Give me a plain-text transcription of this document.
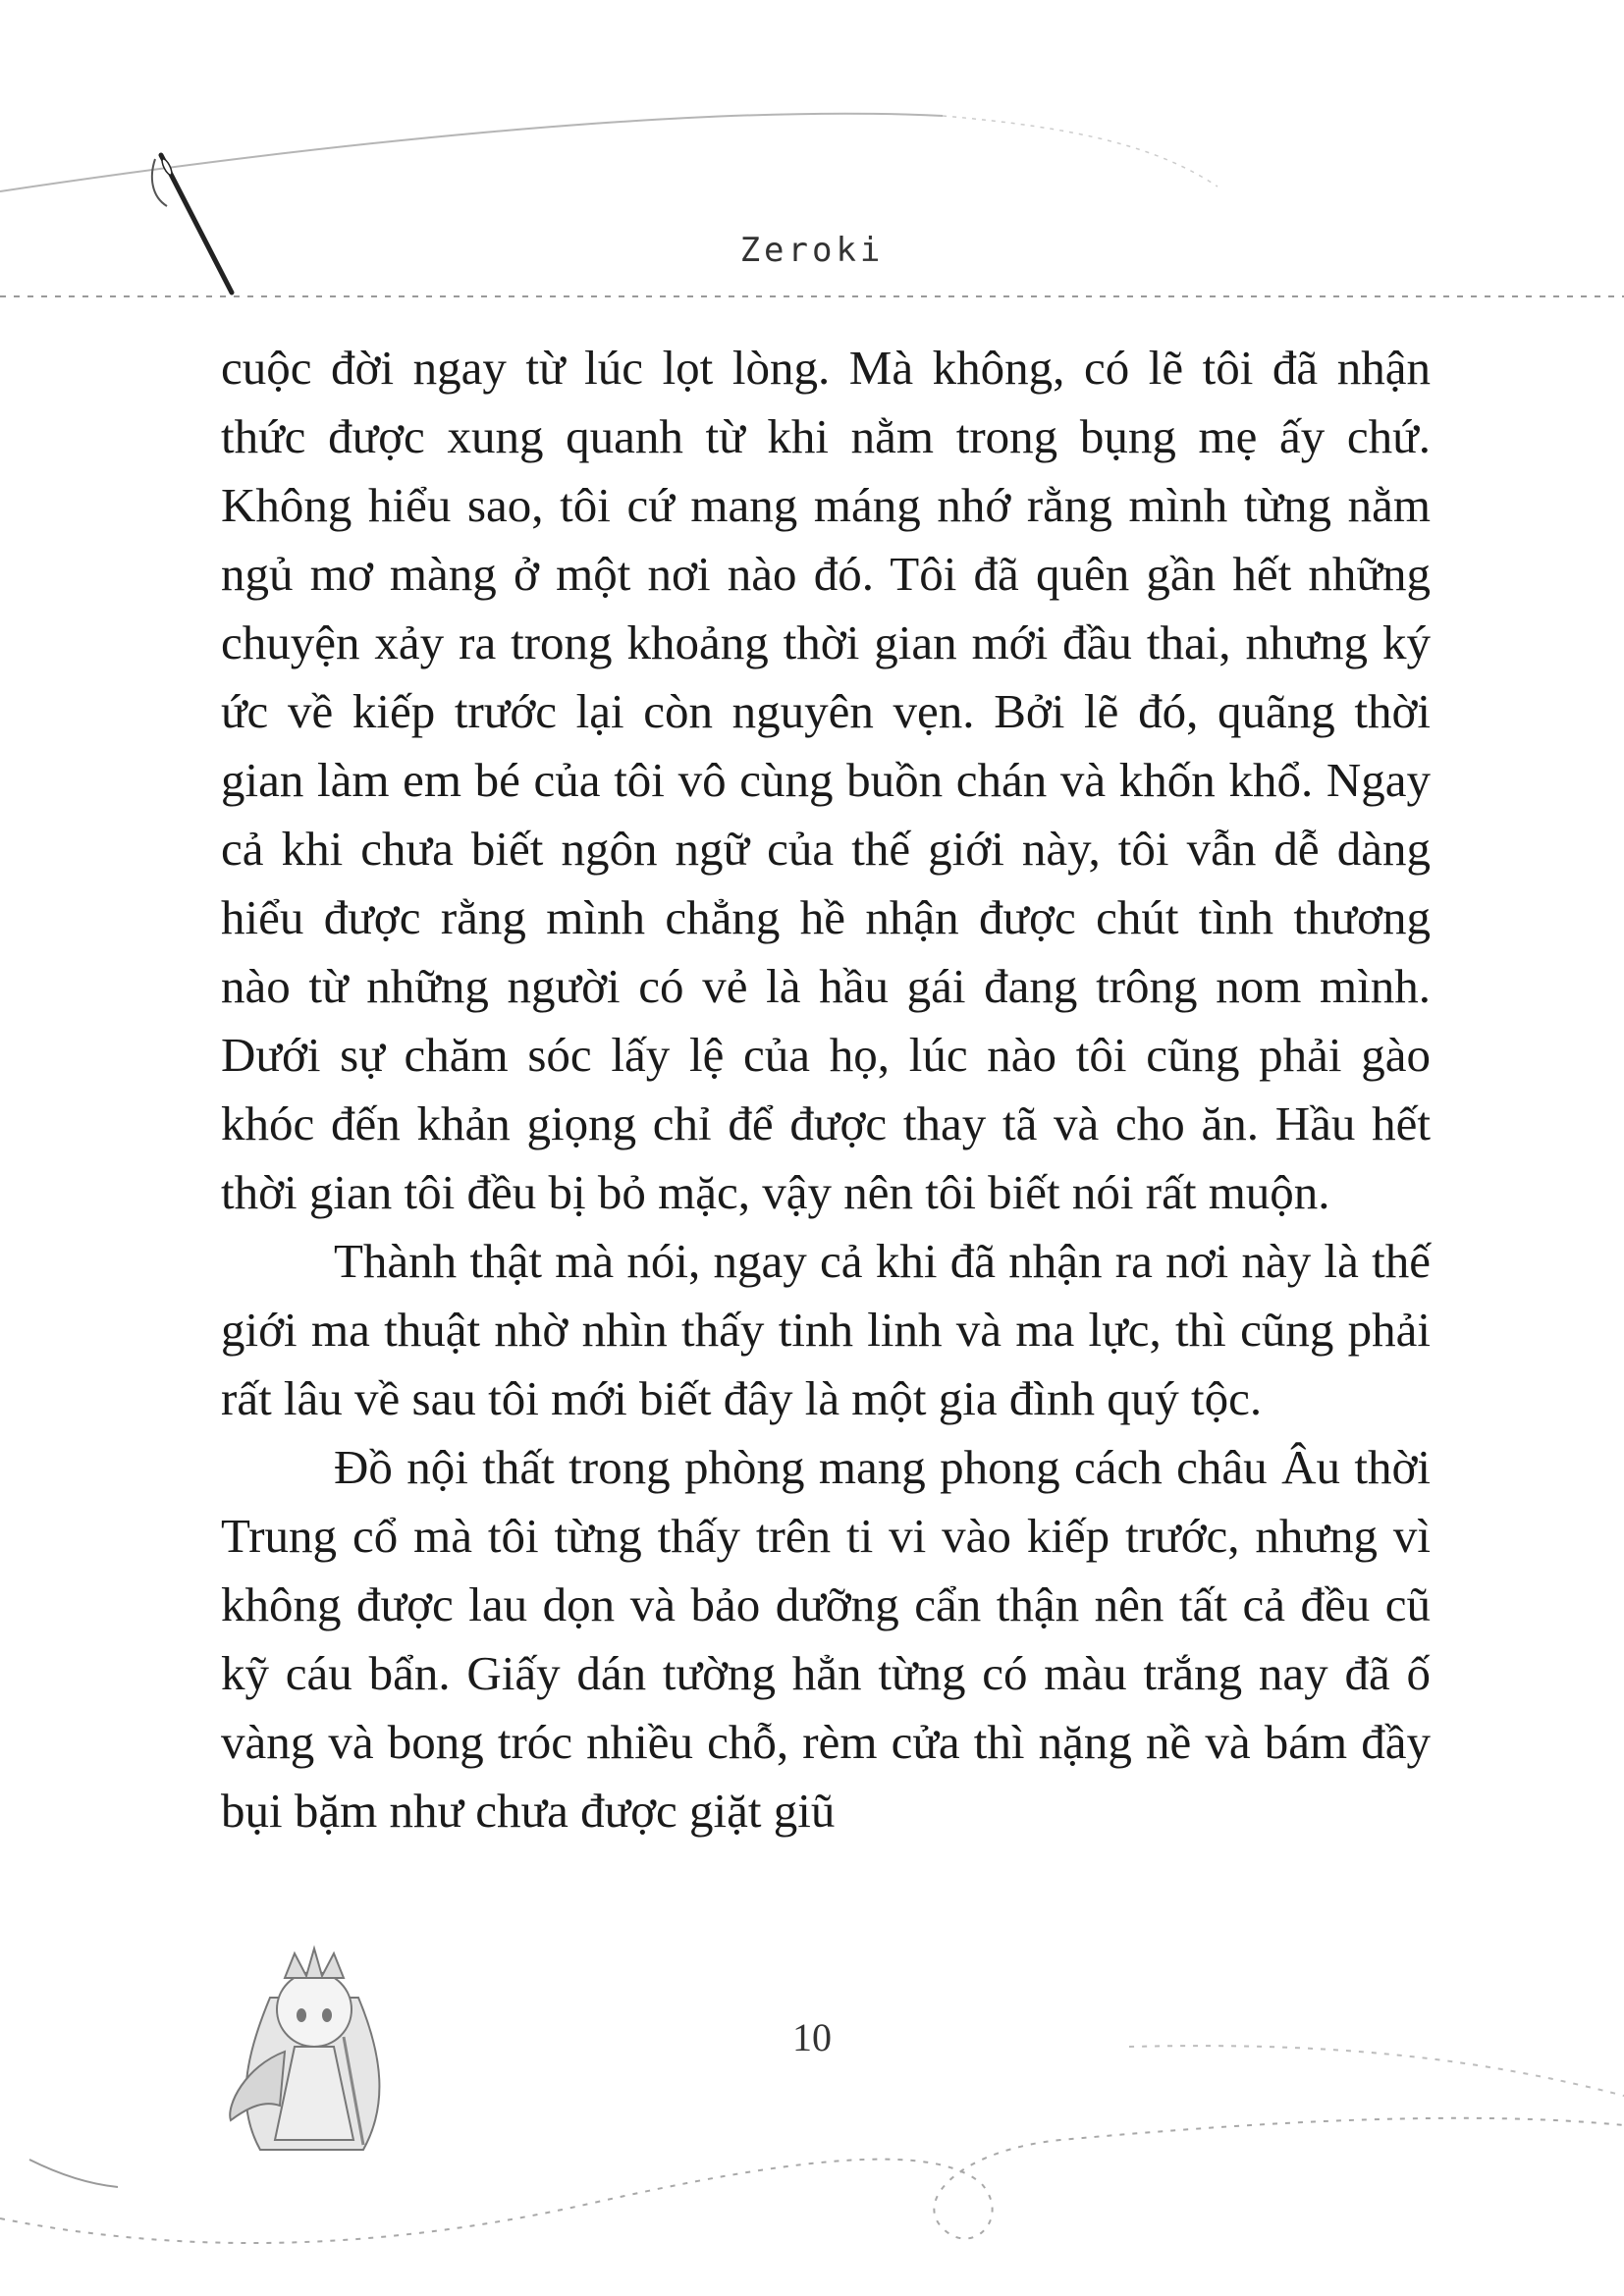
Zeroki

cuộc đời ngay từ lúc lọt lòng. Mà không, có lẽ tôi đã nhận thức được xung quanh từ khi nằm trong bụng mẹ ấy chứ. Không hiểu sao, tôi cứ mang máng nhớ rằng mình từng nằm ngủ mơ màng ở một nơi nào đó. Tôi đã quên gần hết những chuyện xảy ra trong khoảng thời gian mới đầu thai, nhưng ký ức về kiếp trước lại còn nguyên vẹn. Bởi lẽ đó, quãng thời gian làm em bé của tôi vô cùng buồn chán và khốn khổ. Ngay cả khi chưa biết ngôn ngữ của thế giới này, tôi vẫn dễ dàng hiểu được rằng mình chẳng hề nhận được chút tình thương nào từ những người có vẻ là hầu gái đang trông nom mình. Dưới sự chăm sóc lấy lệ của họ, lúc nào tôi cũng phải gào khóc đến khản giọng chỉ để được thay tã và cho ăn. Hầu hết thời gian tôi đều bị bỏ mặc, vậy nên tôi biết nói rất muộn.

Thành thật mà nói, ngay cả khi đã nhận ra nơi này là thế giới ma thuật nhờ nhìn thấy tinh linh và ma lực, thì cũng phải rất lâu về sau tôi mới biết đây là một gia đình quý tộc.

Đồ nội thất trong phòng mang phong cách châu Âu thời Trung cổ mà tôi từng thấy trên ti vi vào kiếp trước, nhưng vì không được lau dọn và bảo dưỡng cẩn thận nên tất cả đều cũ kỹ cáu bẩn. Giấy dán tường hẳn từng có màu trắng nay đã ố vàng và bong tróc nhiều chỗ, rèm cửa thì nặng nề và bám đầy bụi bặm như chưa được giặt giũ

10
